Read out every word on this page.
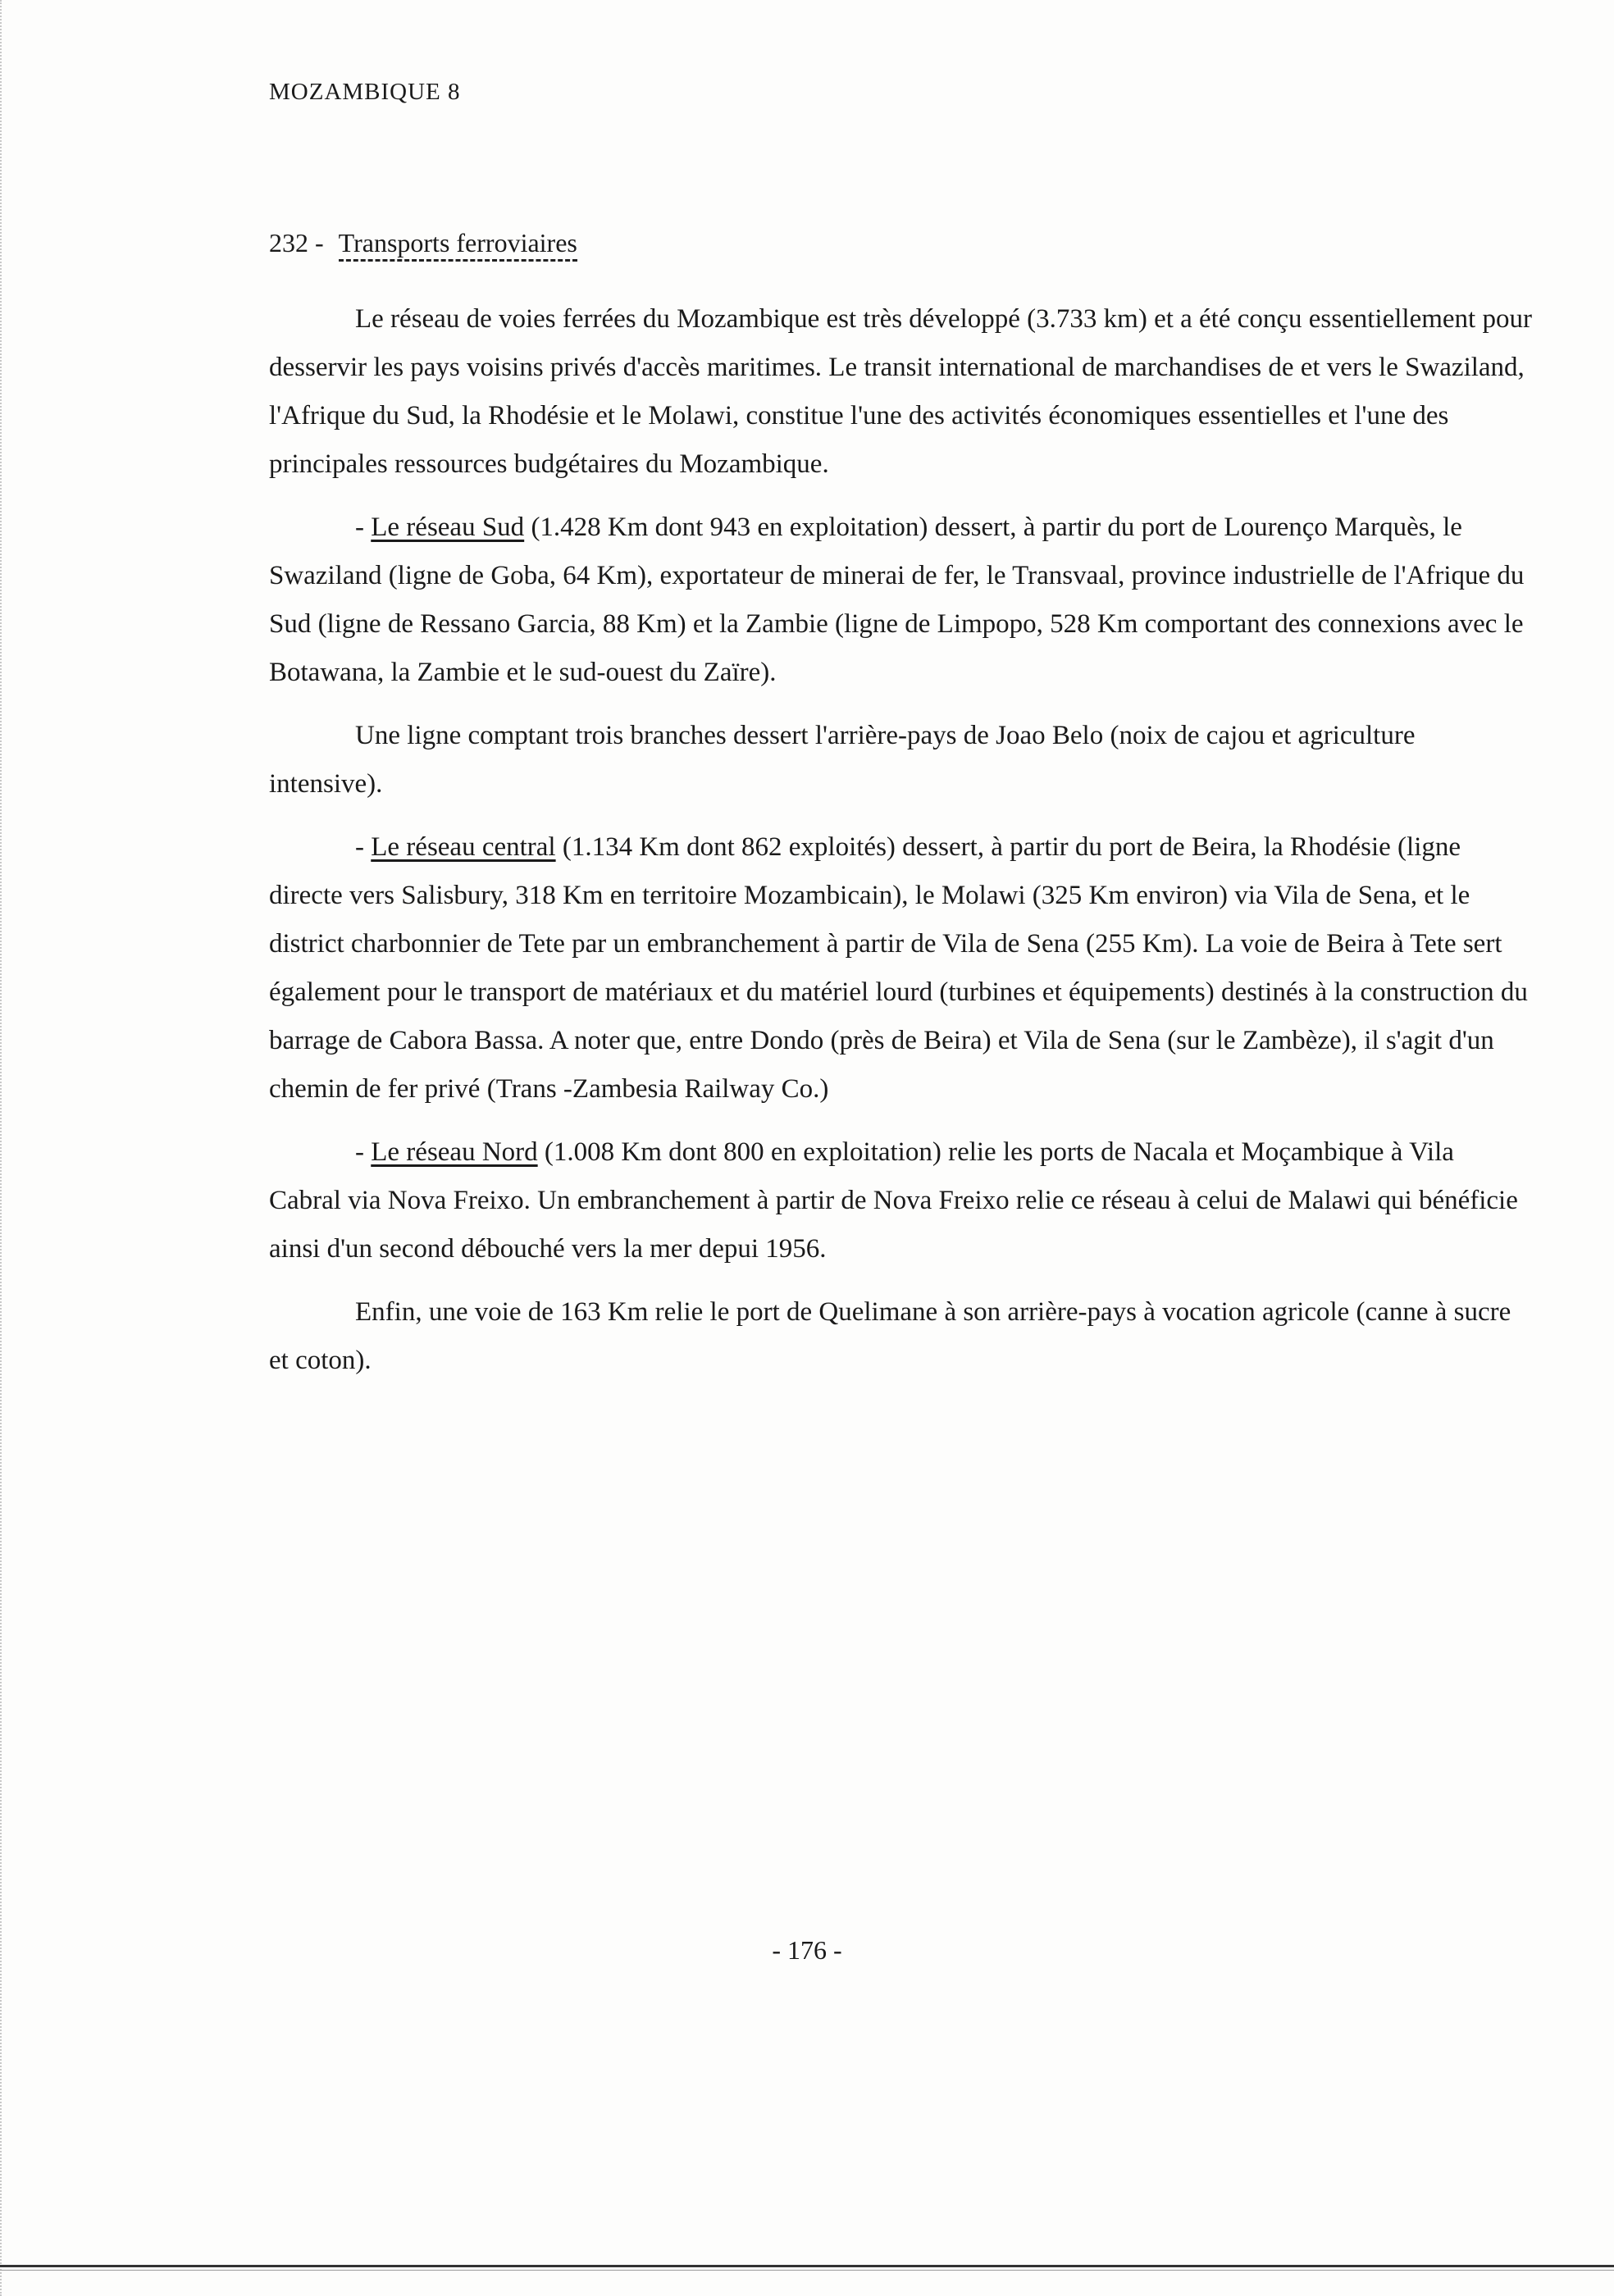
MOZAMBIQUE 8
232 - Transports ferroviaires

Le réseau de voies ferrées du Mozambique est très développé (3.733 km) et a été conçu essentiellement pour desservir les pays voisins privés d'accès maritimes. Le transit international de marchandises de et vers le Swaziland, l'Afrique du Sud, la Rhodésie et le Molawi, constitue l'une des activités économiques essentielles et l'une des principales ressources budgétaires du Mozambique.

- Le réseau Sud (1.428 Km dont 943 en exploitation) dessert, à partir du port de Lourenço Marquès, le Swaziland (ligne de Goba, 64 Km), exportateur de minerai de fer, le Transvaal, province industrielle de l'Afrique du Sud (ligne de Ressano Garcia, 88 Km) et la Zambie (ligne de Limpopo, 528 Km comportant des connexions avec le Botawana, la Zambie et le sud-ouest du Zaïre).

Une ligne comptant trois branches dessert l'arrière-pays de Joao Belo (noix de cajou et agriculture intensive).

- Le réseau central (1.134 Km dont 862 exploités) dessert, à partir du port de Beira, la Rhodésie (ligne directe vers Salisbury, 318 Km en territoire Mozambicain), le Molawi (325 Km environ) via Vila de Sena, et le district charbonnier de Tete par un embranchement à partir de Vila de Sena (255 Km). La voie de Beira à Tete sert également pour le transport de matériaux et du matériel lourd (turbines et équipements) destinés à la construction du barrage de Cabora Bassa. A noter que, entre Dondo (près de Beira) et Vila de Sena (sur le Zambèze), il s'agit d'un chemin de fer privé (Trans -Zambesia Railway Co.)

- Le réseau Nord (1.008 Km dont 800 en exploitation) relie les ports de Nacala et Moçambique à Vila Cabral via Nova Freixo. Un embranchement à partir de Nova Freixo relie ce réseau à celui de Malawi qui bénéficie ainsi d'un second débouché vers la mer depui 1956.

Enfin, une voie de 163 Km relie le port de Quelimane à son arrière-pays à vocation agricole (canne à sucre et coton).

- 176 -
